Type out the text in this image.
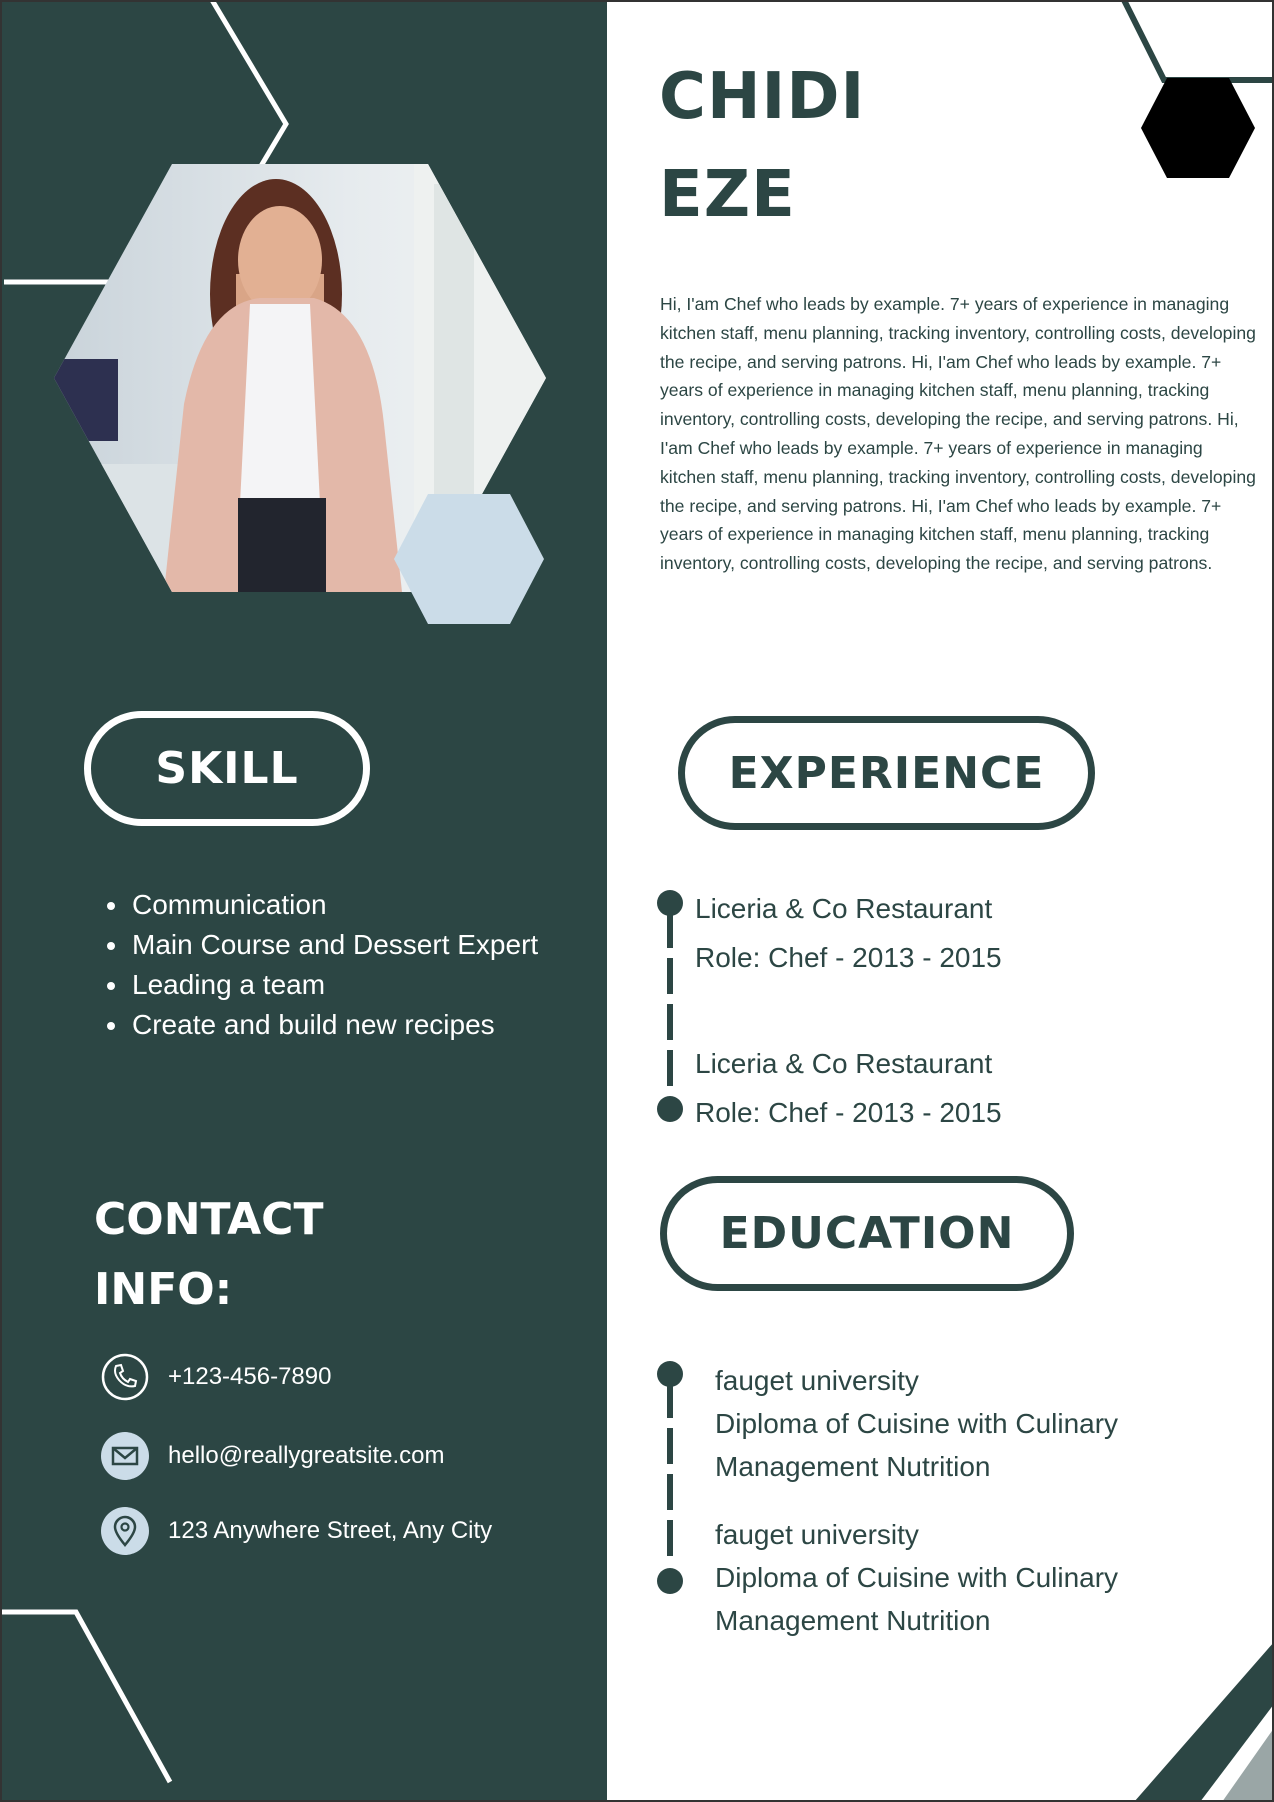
SKILL
• Communication
• Main Course and Dessert Expert
• Leading a team
• Create and build new recipes
CONTACT
INFO:
+123-456-7890
hello@reallygreatsite.com
123 Anywhere Street, Any City
CHIDI
EZE

Hi, I'am Chef who leads by example. 7+ years of experience in managing kitchen staff, menu planning, tracking inventory, controlling costs, developing the recipe, and serving patrons. Hi, I'am Chef who leads by example. 7+ years of experience in managing kitchen staff, menu planning, tracking inventory, controlling costs, developing the recipe, and serving patrons. Hi, I'am Chef who leads by example. 7+ years of experience in managing kitchen staff, menu planning, tracking inventory, controlling costs, developing the recipe, and serving patrons. Hi, I'am Chef who leads by example. 7+ years of experience in managing kitchen staff, menu planning, tracking inventory, controlling costs, developing the recipe, and serving patrons.

EXPERIENCE
Liceria & Co Restaurant
Role: Chef - 2013 - 2015
Liceria & Co Restaurant
Role: Chef - 2013 - 2015
EDUCATION
fauget university
Diploma of Cuisine with Culinary
Management Nutrition
fauget university
Diploma of Cuisine with Culinary
Management Nutrition
